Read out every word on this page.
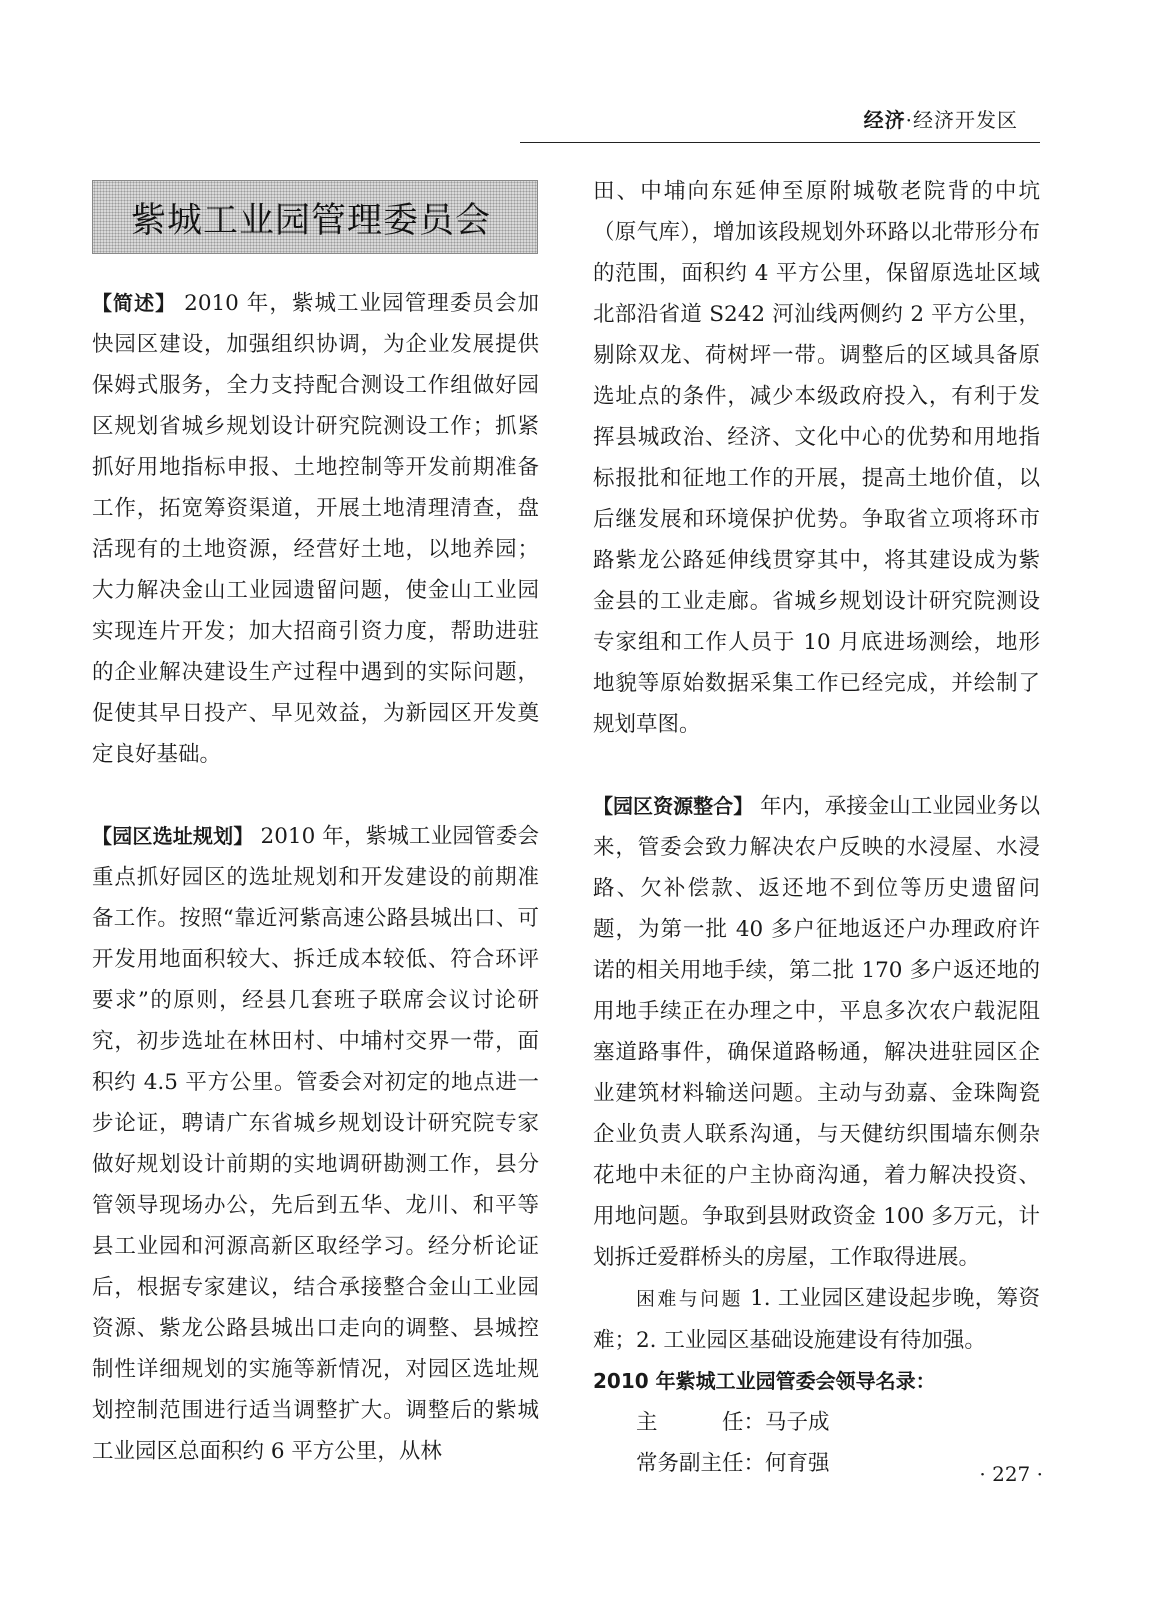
经济·经济开发区
紫城工业园管理委员会

【简述】 2010 年，紫城工业园管理委员会加快园区建设，加强组织协调，为企业发展提供保姆式服务，全力支持配合测设工作组做好园区规划省城乡规划设计研究院测设工作；抓紧抓好用地指标申报、土地控制等开发前期准备工作，拓宽筹资渠道，开展土地清理清查，盘活现有的土地资源，经营好土地，以地养园；大力解决金山工业园遗留问题，使金山工业园实现连片开发；加大招商引资力度，帮助进驻的企业解决建设生产过程中遇到的实际问题，促使其早日投产、早见效益，为新园区开发奠定良好基础。

【园区选址规划】 2010 年，紫城工业园管委会重点抓好园区的选址规划和开发建设的前期准备工作。按照“靠近河紫高速公路县城出口、可开发用地面积较大、拆迁成本较低、符合环评要求”的原则，经县几套班子联席会议讨论研究，初步选址在林田村、中埔村交界一带，面积约 4.5 平方公里。管委会对初定的地点进一步论证，聘请广东省城乡规划设计研究院专家做好规划设计前期的实地调研勘测工作，县分管领导现场办公，先后到五华、龙川、和平等县工业园和河源高新区取经学习。经分析论证后，根据专家建议，结合承接整合金山工业园资源、紫龙公路县城出口走向的调整、县城控制性详细规划的实施等新情况，对园区选址规划控制范围进行适当调整扩大。调整后的紫城工业园区总面积约 6 平方公里，从林

田、中埔向东延伸至原附城敬老院背的中坑（原气库），增加该段规划外环路以北带形分布的范围，面积约 4 平方公里，保留原选址区域北部沿省道 S242 河汕线两侧约 2 平方公里，剔除双龙、荷树坪一带。调整后的区域具备原选址点的条件，减少本级政府投入，有利于发挥县城政治、经济、文化中心的优势和用地指标报批和征地工作的开展，提高土地价值，以后继发展和环境保护优势。争取省立项将环市路紫龙公路延伸线贯穿其中，将其建设成为紫金县的工业走廊。省城乡规划设计研究院测设专家组和工作人员于 10 月底进场测绘，地形地貌等原始数据采集工作已经完成，并绘制了规划草图。

【园区资源整合】 年内，承接金山工业园业务以来，管委会致力解决农户反映的水浸屋、水浸路、欠补偿款、返还地不到位等历史遗留问题，为第一批 40 多户征地返还户办理政府许诺的相关用地手续，第二批 170 多户返还地的用地手续正在办理之中，平息多次农户载泥阻塞道路事件，确保道路畅通，解决进驻园区企业建筑材料输送问题。主动与劲嘉、金珠陶瓷企业负责人联系沟通，与天健纺织围墙东侧杂花地中未征的户主协商沟通，着力解决投资、用地问题。争取到县财政资金 100 多万元，计划拆迁爱群桥头的房屋，工作取得进展。

困难与问题 1. 工业园区建设起步晚，筹资难；2. 工业园区基础设施建设有待加强。

2010 年紫城工业园管委会领导名录：

主　　　任：马子成

常务副主任：何育强	· 227 ·
